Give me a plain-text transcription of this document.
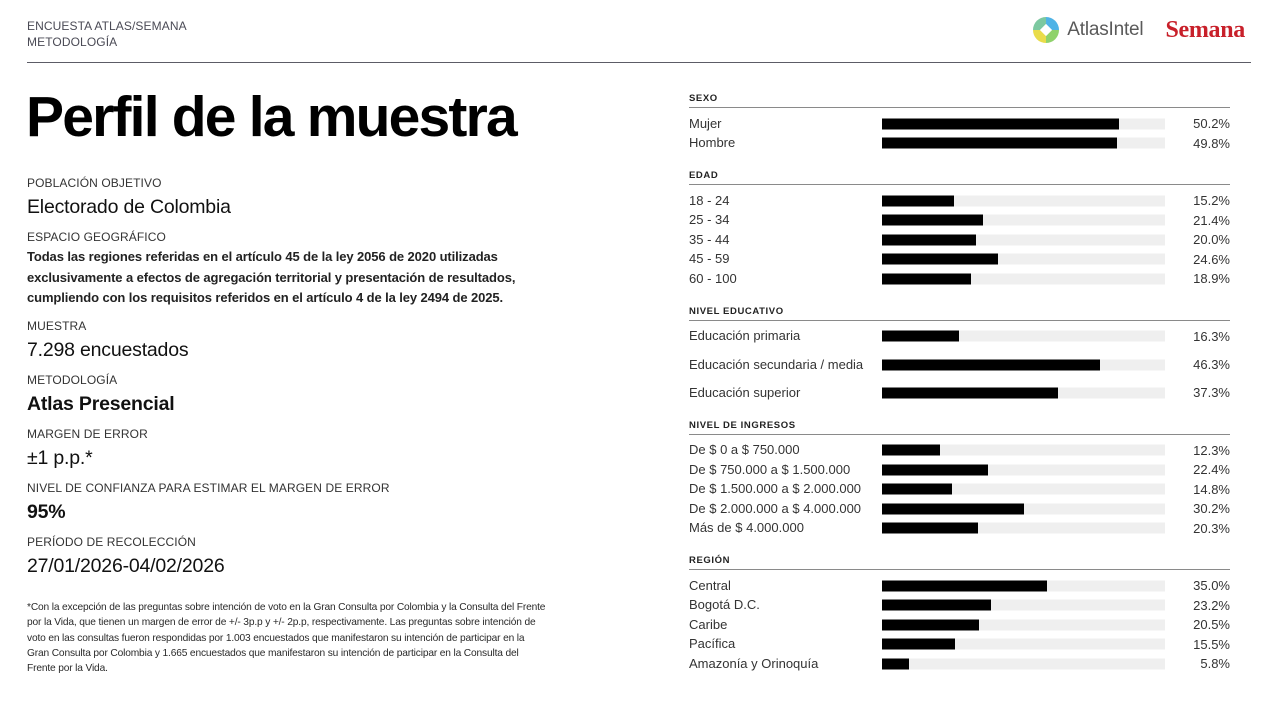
ENCUESTA ATLAS/SEMANA
METODOLOGÍA
AtlasIntel Semana
Perfil de la muestra
POBLACIÓN OBJETIVO
Electorado de Colombia
ESPACIO GEOGRÁFICO
Todas las regiones referidas en el artículo 45 de la ley 2056 de 2020 utilizadas exclusivamente a efectos de agregación territorial y presentación de resultados, cumpliendo con los requisitos referidos en el artículo 4 de la ley 2494 de 2025.
MUESTRA
7.298 encuestados
METODOLOGÍA
Atlas Presencial
MARGEN DE ERROR
±1 p.p.*
NIVEL DE CONFIANZA PARA ESTIMAR EL MARGEN DE ERROR
95%
PERÍODO DE RECOLECCIÓN
27/01/2026-04/02/2026

*Con la excepción de las preguntas sobre intención de voto en la Gran Consulta por Colombia y la Consulta del Frente por la Vida, que tienen un margen de error de +/- 3p.p y +/- 2p.p, respectivamente. Las preguntas sobre intención de voto en las consultas fueron respondidas por 1.003 encuestados que manifestaron su intención de participar en la Gran Consulta por Colombia y 1.665 encuestados que manifestaron su intención de participar en la Consulta del Frente por la Vida.

SEXO
Mujer	50.2%
Hombre	49.8%
EDAD
18 - 24	15.2%
25 - 34	21.4%
35 - 44	20.0%
45 - 59	24.6%
60 - 100	18.9%
NIVEL EDUCATIVO
Educación primaria	16.3%
Educación secundaria / media	46.3%
Educación superior	37.3%
NIVEL DE INGRESOS
De $ 0 a $ 750.000	12.3%
De $ 750.000 a $ 1.500.000	22.4%
De $ 1.500.000 a $ 2.000.000	14.8%
De $ 2.000.000 a $ 4.000.000	30.2%
Más de $ 4.000.000	20.3%
REGIÓN
Central	35.0%
Bogotá D.C.	23.2%
Caribe	20.5%
Pacífica	15.5%
Amazonía y Orinoquía	5.8%
